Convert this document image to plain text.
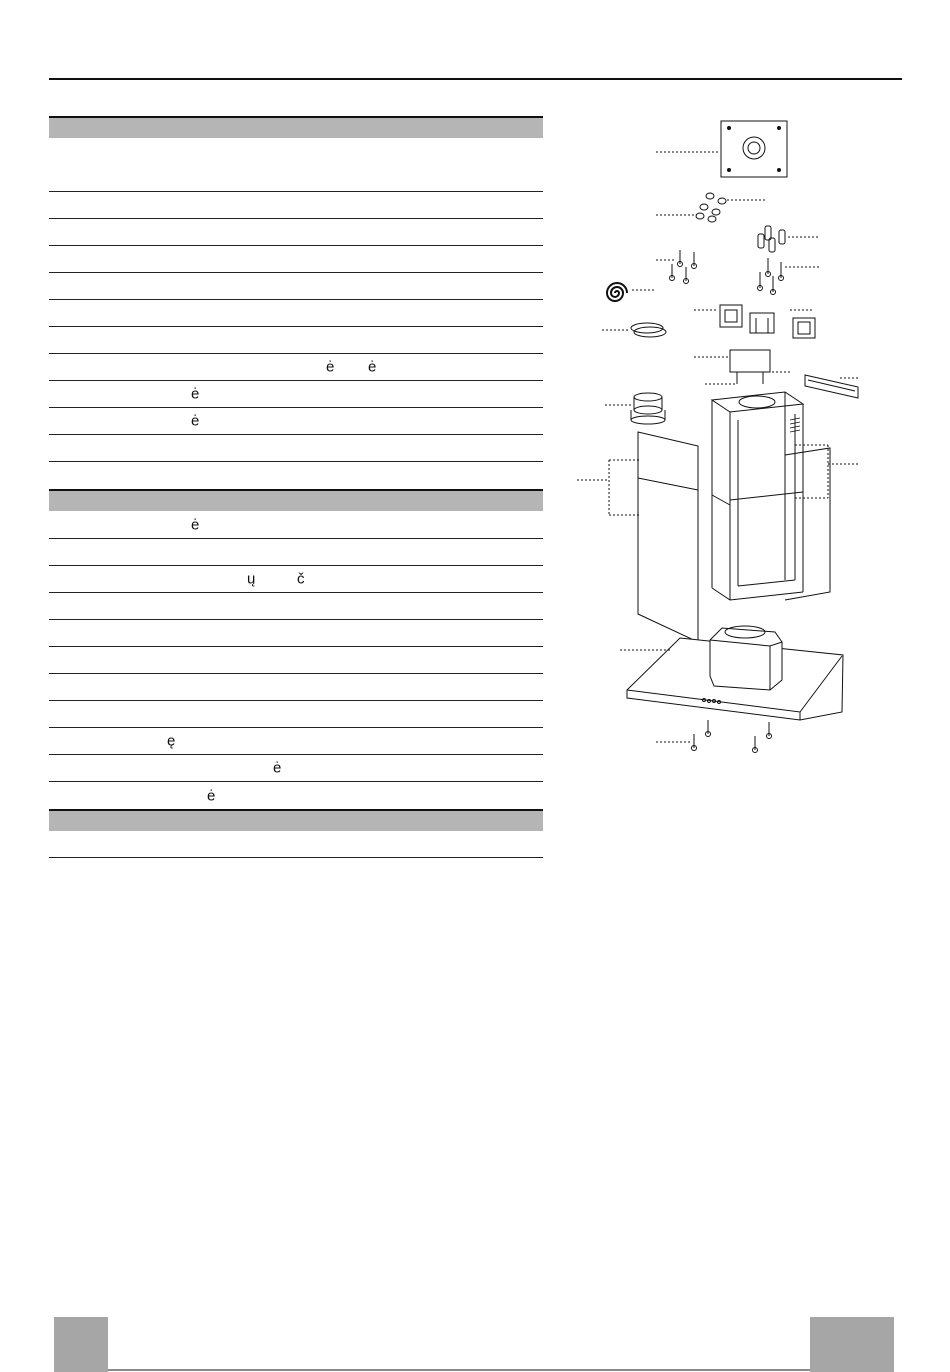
ė ė
ė
ė
ė
ų	č
ę
ė
ė
